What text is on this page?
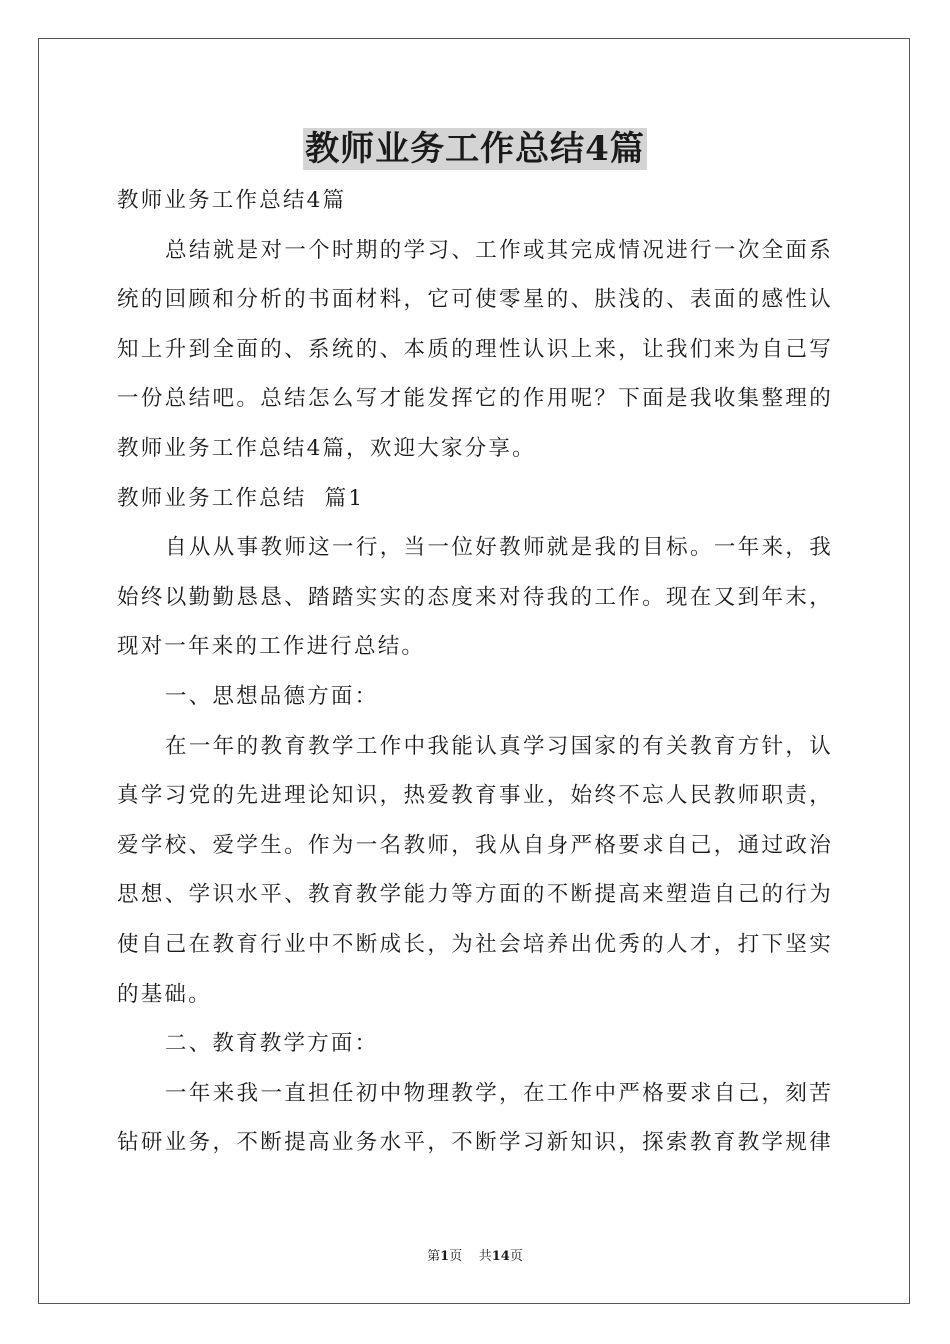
教师业务工作总结4篇
教师业务工作总结4篇
总结就是对一个时期的学习、工作或其完成情况进行一次全面系
统的回顾和分析的书面材料，它可使零星的、肤浅的、表面的感性认
知上升到全面的、系统的、本质的理性认识上来，让我们来为自己写
一份总结吧。总结怎么写才能发挥它的作用呢？下面是我收集整理的
教师业务工作总结4篇，欢迎大家分享。
教师业务工作总结  篇1
自从从事教师这一行，当一位好教师就是我的目标。一年来，我
始终以勤勤恳恳、踏踏实实的态度来对待我的工作。现在又到年末，
现对一年来的工作进行总结。
一、思想品德方面：
在一年的教育教学工作中我能认真学习国家的有关教育方针，认
真学习党的先进理论知识，热爱教育事业，始终不忘人民教师职责，
爱学校、爱学生。作为一名教师，我从自身严格要求自己，通过政治
思想、学识水平、教育教学能力等方面的不断提高来塑造自己的行为
使自己在教育行业中不断成长，为社会培养出优秀的人才，打下坚实
的基础。
二、教育教学方面：
一年来我一直担任初中物理教学，在工作中严格要求自己，刻苦
钻研业务，不断提高业务水平，不断学习新知识，探索教育教学规律
第1页    共14页
